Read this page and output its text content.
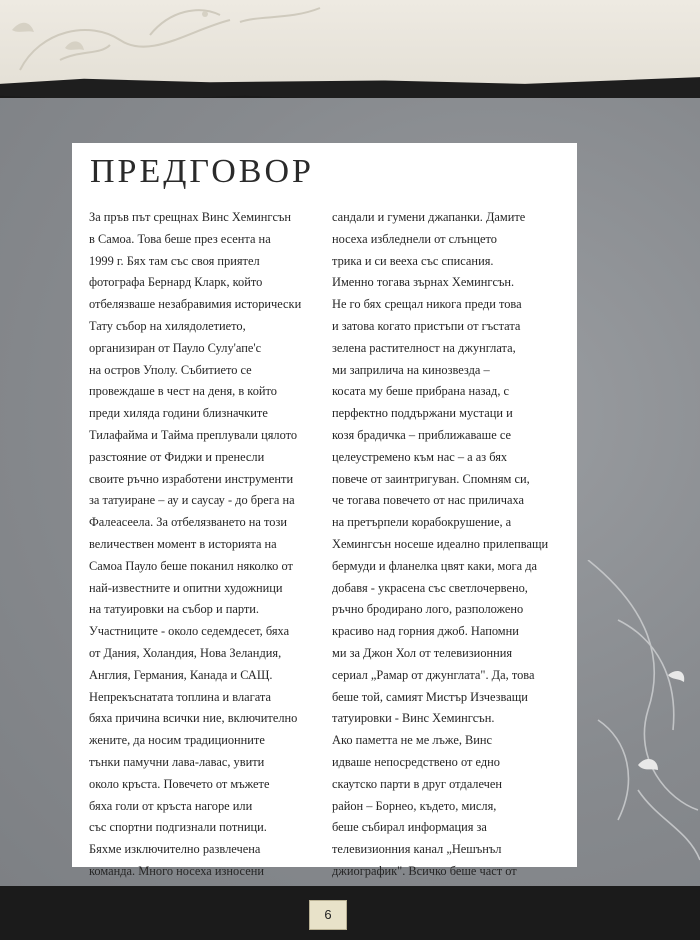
ПРЕДГОВОР
За пръв път срещнах Винс Хемингсън
в Самоа. Това беше през есента на
1999 г. Бях там със своя приятел
фотографа Бернард Кларк, който
отбелязваше незабравимия исторически
Тату събор на хилядолетието,
организиран от Пауло Сулу'апе'с
на остров Уполу. Събитието се
провеждаше в чест на деня, в който
преди хиляда години близначките
Тилафайма и Тайма преплували цялото
разстояние от Фиджи и пренесли
своите ръчно изработени инструменти
за татуиране – ау и саусау - до брега на
Фалеасеела. За отбелязването на този
величествен момент в историята на
Самоа Пауло беше поканил няколко от
най-известните и опитни художници
на татуировки на събор и парти.
Участниците - около седемдесет, бяха
от Дания, Холандия, Нова Зеландия,
Англия, Германия, Канада и САЩ.
Непрекъснатата топлина и влагата
бяха причина всички ние, включително
жените, да носим традиционните
тънки памучни лава-лавас, увити
около кръста. Повечето от мъжете
бяха голи от кръста нагоре или
със спортни подгизнали потници.
Бяхме изключително развлечена
команда. Много носеха износени
сандали и гумени джапанки. Дамите
носеха избледнели от слънцето
трика и си вееха със списания.
Именно тогава зърнах Хемингсън.
Не го бях срещал никога преди това
и затова когато пристъпи от гъстата
зелена растителност на джунглата,
ми заприлича на кинозвезда –
косата му беше прибрана назад, с
перфектно поддържани мустаци и
козя брадичка – приближаваше се
целеустремено към нас – а аз бях
повече от заинтригуван. Спомням си,
че тогава повечето от нас приличаха
на претърпели корабокрушение, а
Хемингсън носеше идеално прилепващи
бермуди и фланелка цвят каки, мога да
добавя - украсена със светлочервено,
ръчно бродирано лого, разположено
красиво над горния джоб. Напомни
ми за Джон Хол от телевизионния
сериал „Рамар от джунглата". Да, това
беше той, самият Мистър Изчезващи
татуировки - Винс Хемингсън.
Ако паметта не ме лъже, Винс
идваше непосредствено от едно
скаутско парти в друг отдалечен
район – Борнео, където, мисля,
беше събирал информация за
телевизионния канал „Нешънъл
джиографик". Всичко беше част от
6
